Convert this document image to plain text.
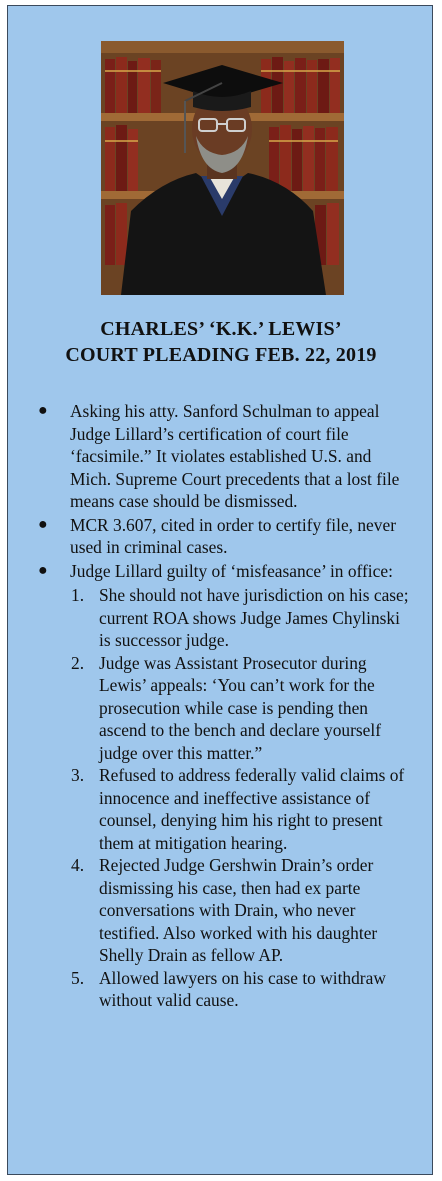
CHARLES’ ‘K.K.’ LEWIS’
COURT PLEADING FEB. 22, 2019
● Asking his atty. Sanford Schulman to appeal Judge Lillard’s certification of court file ‘facsimile.” It violates established U.S. and Mich. Supreme Court precedents that a lost file means case should be dismissed.
● MCR 3.607, cited in order to certify file, never used in criminal cases.
● Judge Lillard guilty of ‘misfeasance’ in office:
1. She should not have jurisdiction on his case; current ROA shows Judge James Chylinski is successor judge.
2. Judge was Assistant Prosecutor during Lewis’ appeals: ‘You can’t work for the prosecution while case is pending then ascend to the bench and declare yourself judge over this matter.”
3. Refused to address federally valid claims of innocence and ineffective assistance of counsel, denying him his right to present them at mitigation hearing.
4. Rejected Judge Gershwin Drain’s order dismissing his case, then had ex parte conversations with Drain, who never testified. Also worked with his daughter Shelly Drain as fellow AP.
5. Allowed lawyers on his case to withdraw without valid cause.
